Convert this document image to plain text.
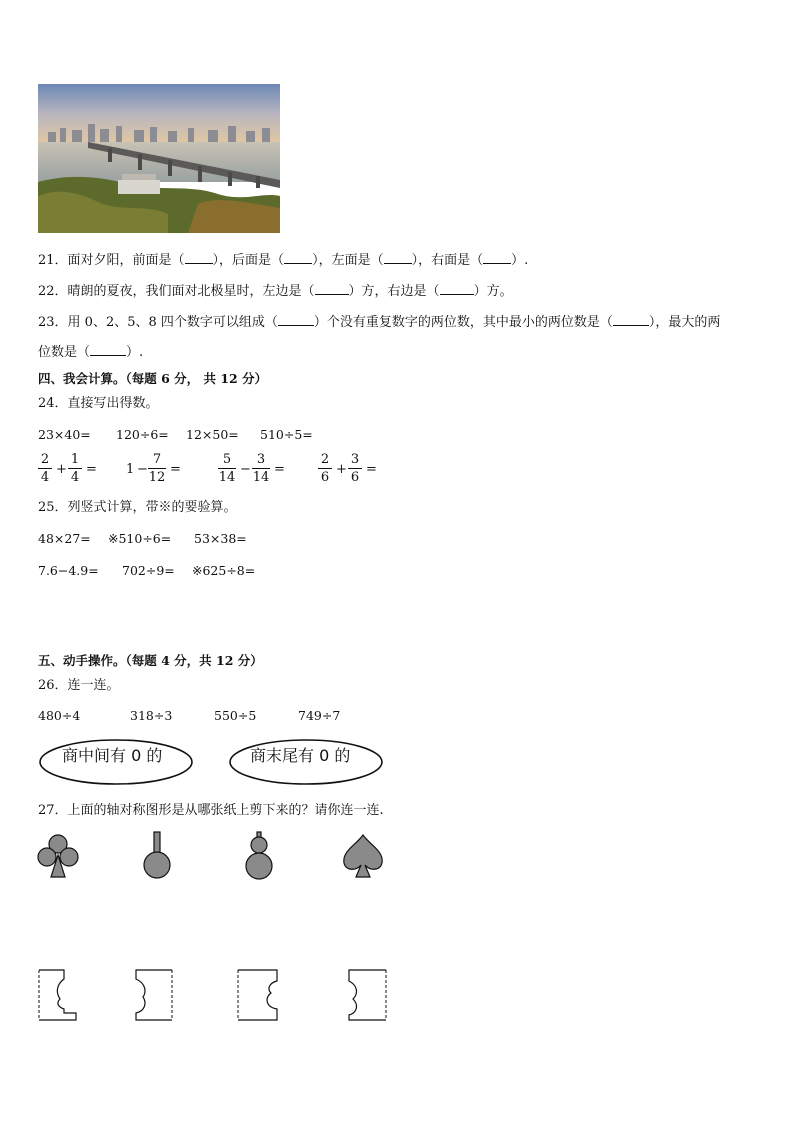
21．面对夕阳，前面是（ ），后面是（ ），左面是（ ），右面是（ ）.
22．晴朗的夏夜，我们面对北极星时，左边是（	）方，右边是（	）方。
23．用 0、2、5、8 四个数字可以组成（	）个没有重复数字的两位数，其中最小的两位数是（	），最大的两
位数是（	）.
四、我会计算。（每题 6 分， 共 12 分）
24．直接写出得数。
23×40= 120÷6= 12×50= 510÷5=
2
4
+
1
4
= 1 −
7
12
=
5
14
−
3
14
=
2
6
+
3
6
=
25．列竖式计算，带※的要验算。
48×27= ※510÷6= 53×38=
7.6−4.9= 702÷9= ※625÷8=
五、动手操作。（每题 4 分，共 12 分）
26．连一连。
480÷4	318÷3	550÷5	749÷7
商中间有 0 的	商末尾有 0 的
27．上面的轴对称图形是从哪张纸上剪下来的？请你连一连.
